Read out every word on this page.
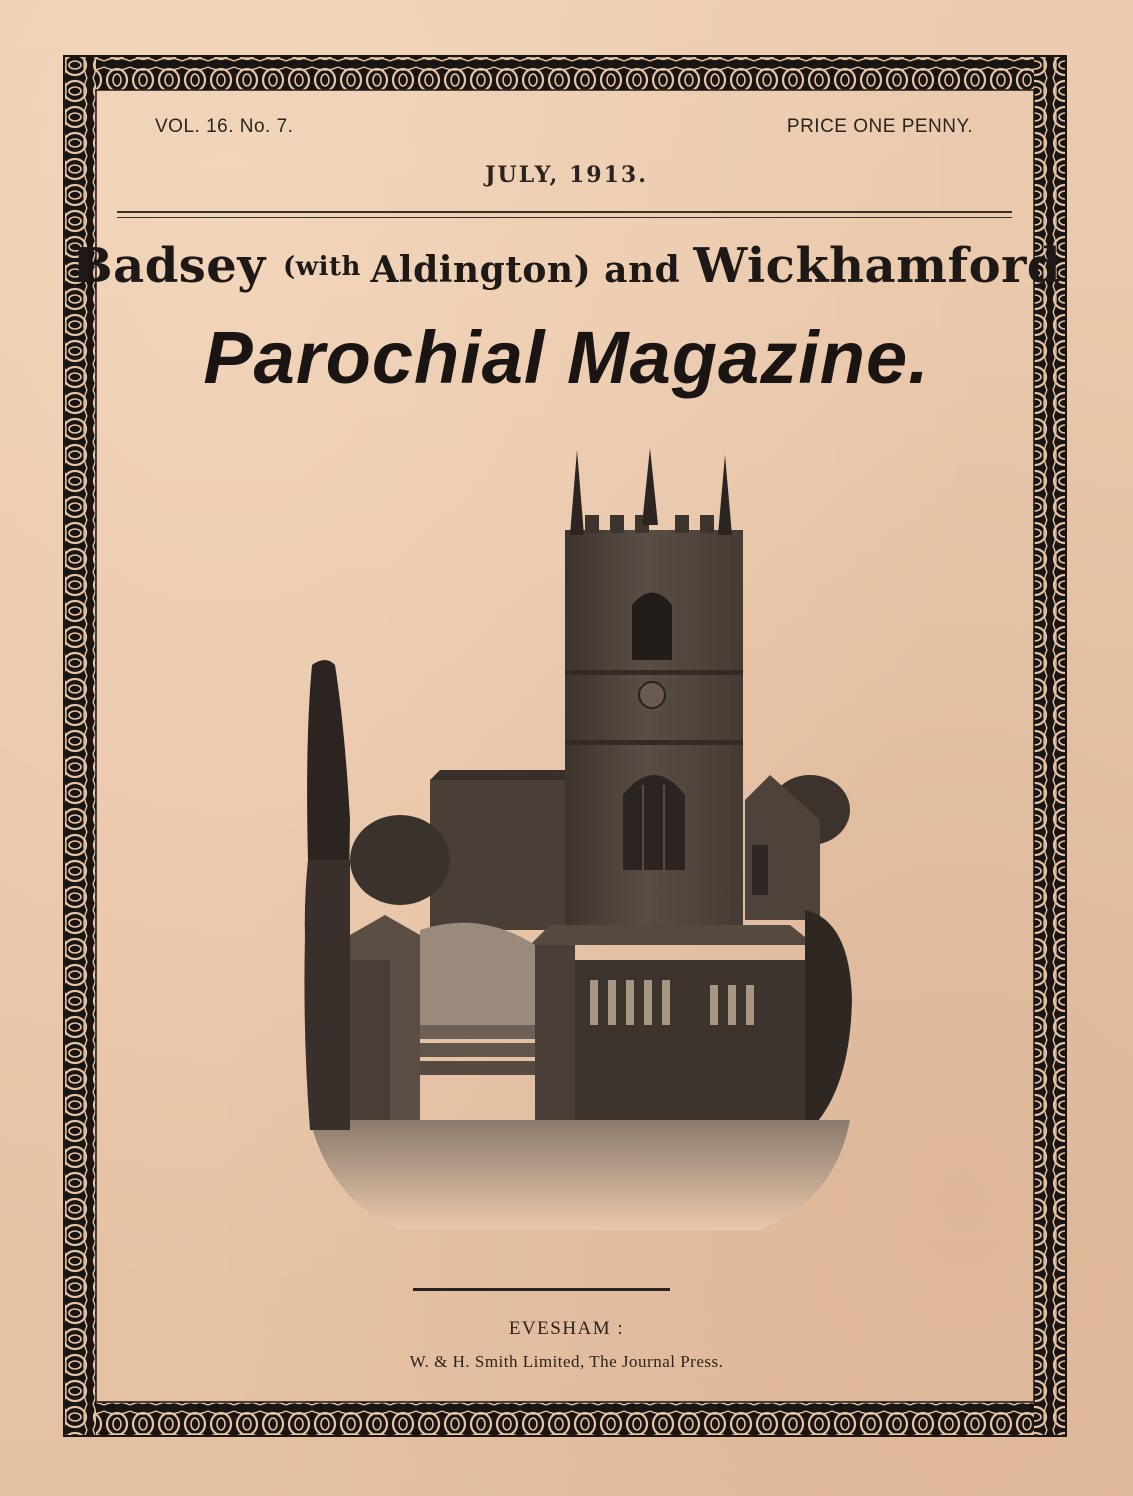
VOL. 16. No. 7.	PRICE ONE PENNY.
JULY, 1913.
Badsey (with Aldington) and Wickhamford
Parochial Magazine.
EVESHAM :
W. & H. Smith Limited, The Journal Press.
